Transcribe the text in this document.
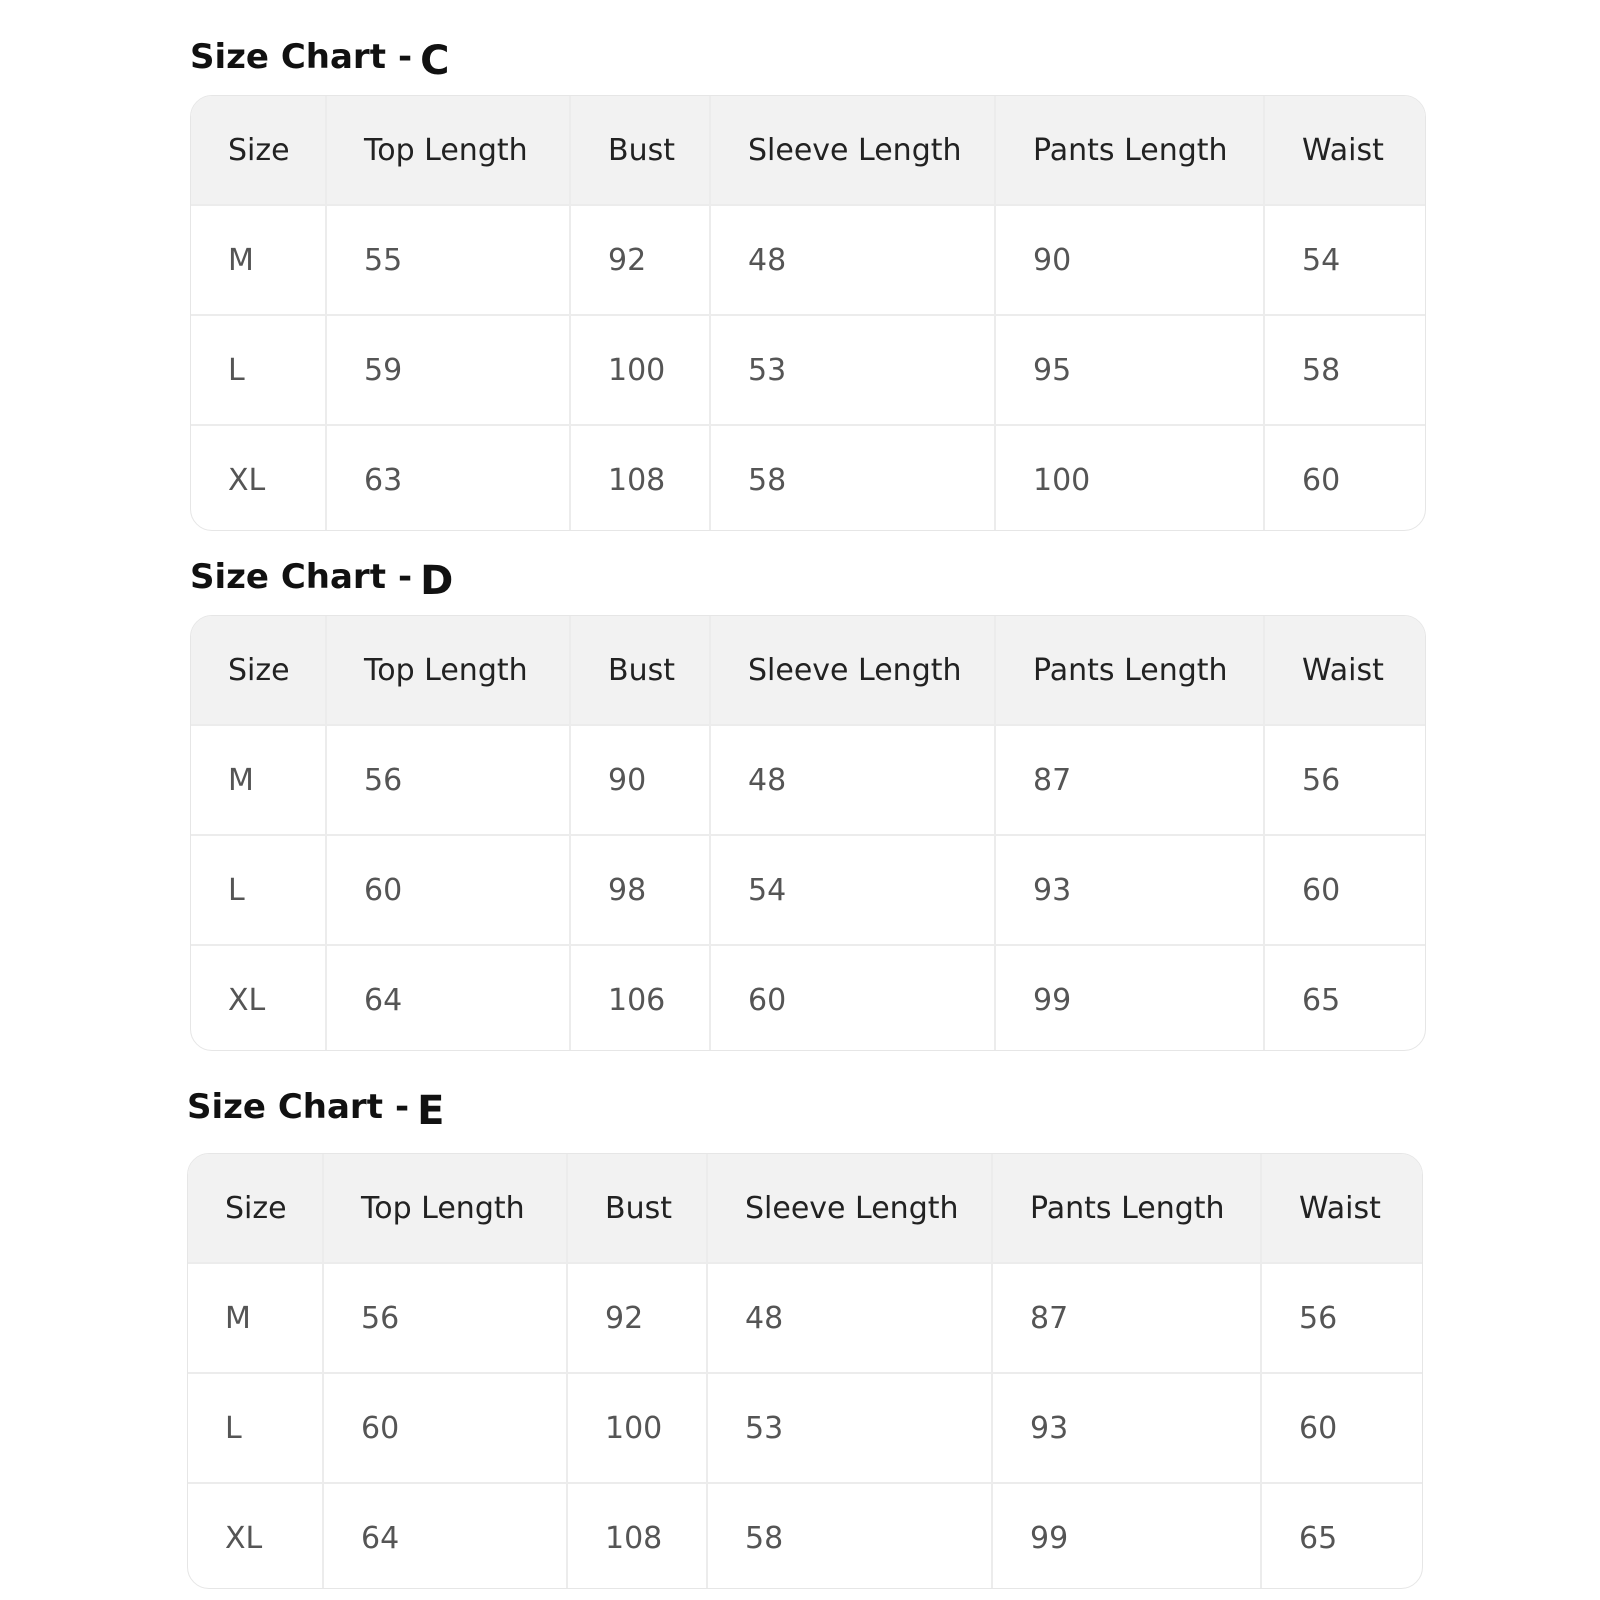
Size Chart - C
Size	Top Length	Bust	Sleeve Length	Pants Length	Waist
M	55	92	48	90	54
L	59	100	53	95	58
XL	63	108	58	100	60
Size Chart - D
Size	Top Length	Bust	Sleeve Length	Pants Length	Waist
M	56	90	48	87	56
L	60	98	54	93	60
XL	64	106	60	99	65
Size Chart - E
Size	Top Length	Bust	Sleeve Length	Pants Length	Waist
M	56	92	48	87	56
L	60	100	53	93	60
XL	64	108	58	99	65
